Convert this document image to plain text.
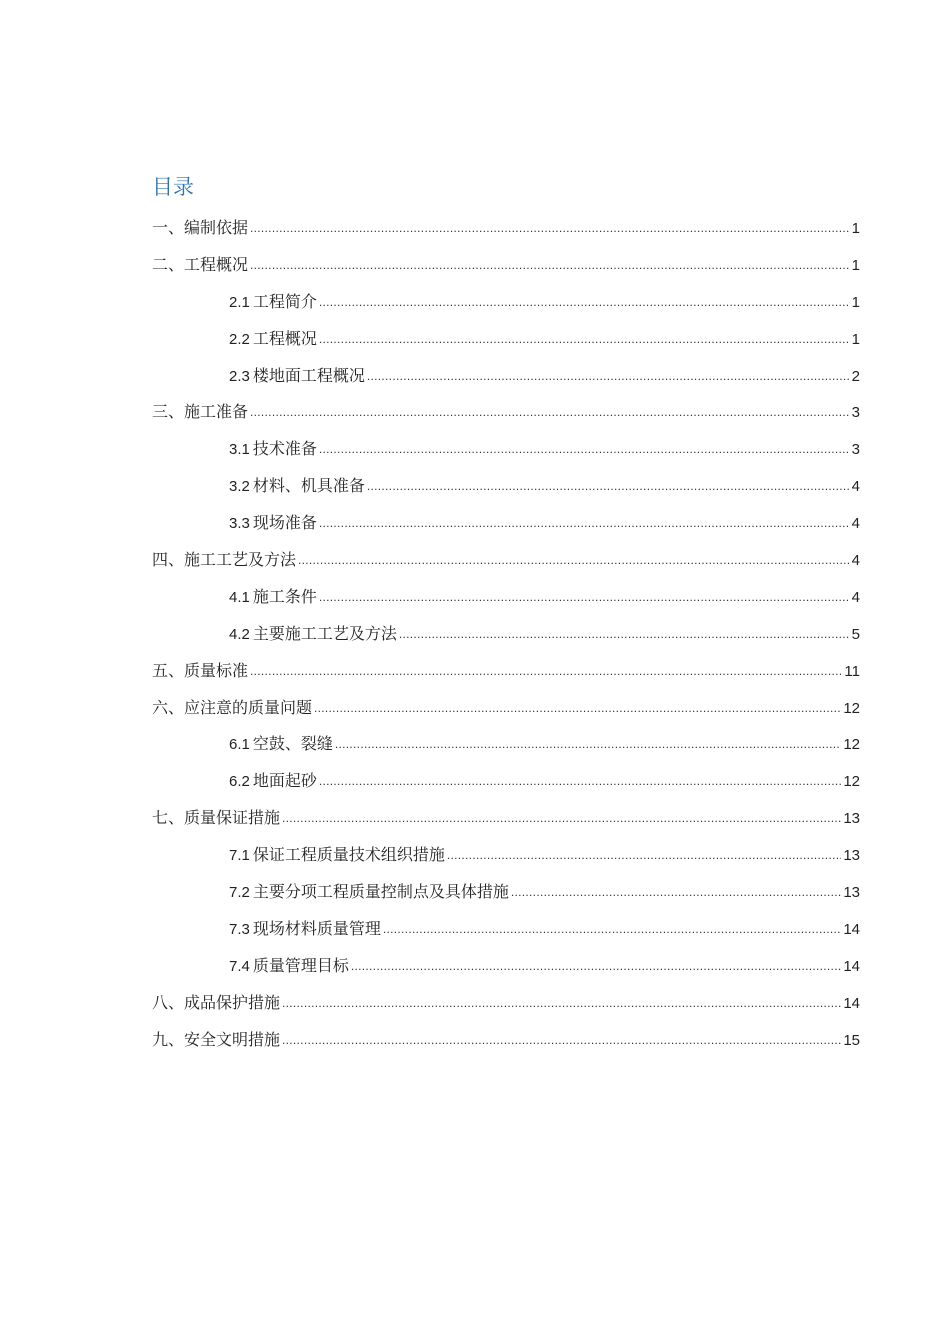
目录
一、编制依据 .....	1
二、工程概况 .....	1
2.1 工程简介 .....	1
2.2 工程概况 .....	1
2.3 楼地面工程概况 .....	2
三、施工准备 .....	3
3.1 技术准备 .....	3
3.2 材料、机具准备 .....	4
3.3 现场准备 .....	4
四、施工工艺及方法 .....	4
4.1 施工条件 .....	4
4.2 主要施工工艺及方法 .....	5
五、质量标准 .....	11
六、应注意的质量问题 .....	12
6.1 空鼓、裂缝 .....	12
6.2 地面起砂 .....	12
七、质量保证措施 .....	13
7.1 保证工程质量技术组织措施 .....	13
7.2 主要分项工程质量控制点及具体措施 .....	13
7.3 现场材料质量管理 .....	14
7.4 质量管理目标 .....	14
八、成品保护措施 .....	14
九、安全文明措施 .....	15
